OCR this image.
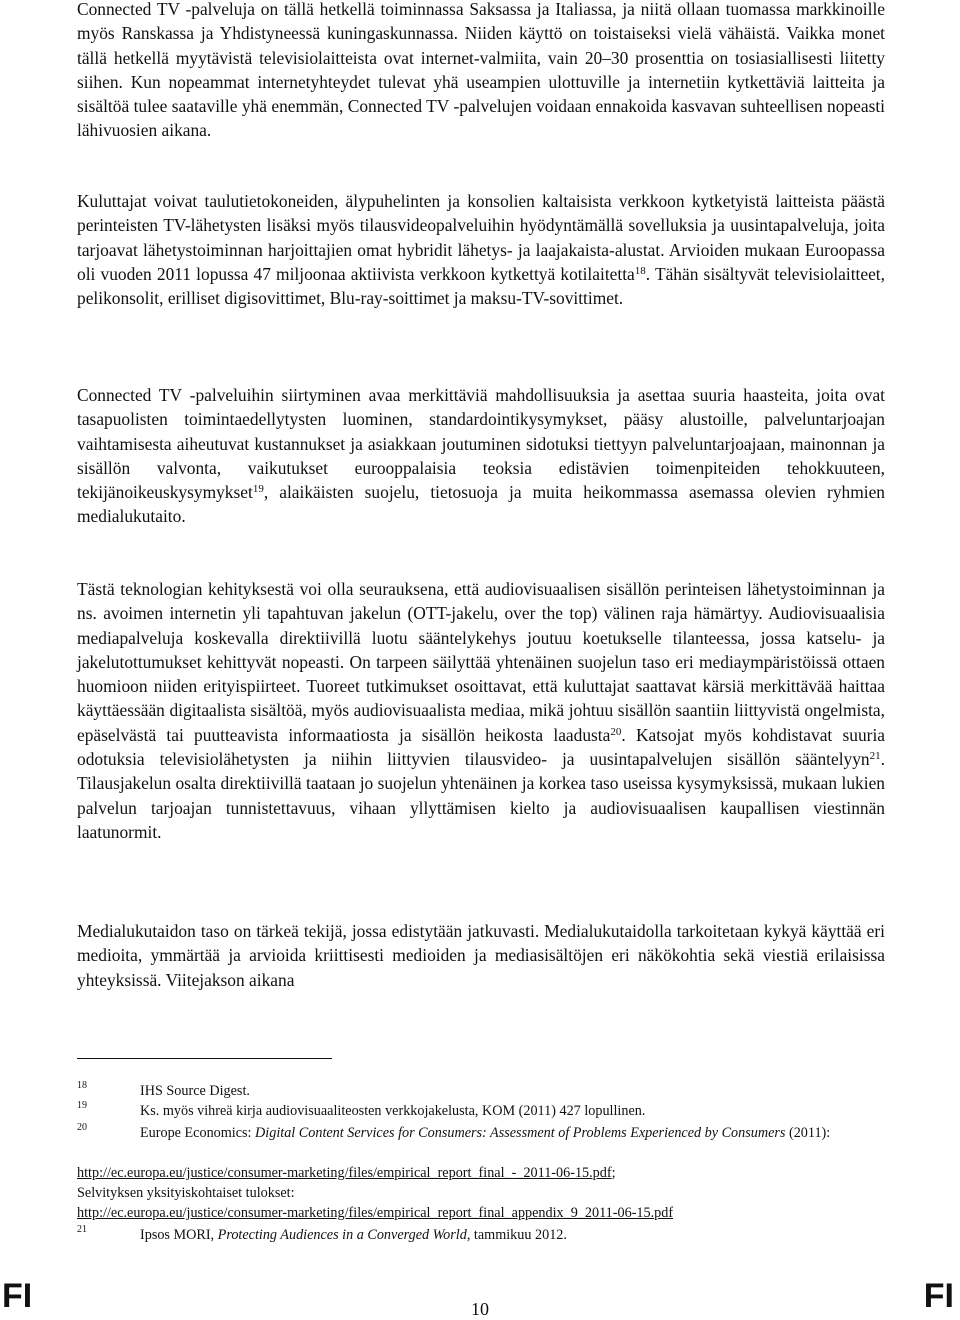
Connected TV -palveluja on tällä hetkellä toiminnassa Saksassa ja Italiassa, ja niitä ollaan tuomassa markkinoille myös Ranskassa ja Yhdistyneessä kuningaskunnassa. Niiden käyttö on toistaiseksi vielä vähäistä. Vaikka monet tällä hetkellä myytävistä televisiolaitteista ovat internet-valmiita, vain 20–30 prosenttia on tosiasiallisesti liitetty siihen. Kun nopeammat internetyhteydet tulevat yhä useampien ulottuville ja internetiin kytkettäviä laitteita ja sisältöä tulee saataville yhä enemmän, Connected TV -palvelujen voidaan ennakoida kasvavan suhteellisen nopeasti lähivuosien aikana.

Kuluttajat voivat taulutietokoneiden, älypuhelinten ja konsolien kaltaisista verkkoon kytketyistä laitteista päästä perinteisten TV-lähetysten lisäksi myös tilausvideopalveluihin hyödyntämällä sovelluksia ja uusintapalveluja, joita tarjoavat lähetystoiminnan harjoittajien omat hybridit lähetys- ja laajakaista-alustat. Arvioiden mukaan Euroopassa oli vuoden 2011 lopussa 47 miljoonaa aktiivista verkkoon kytkettyä kotilaitetta$^{18}$. Tähän sisältyvät televisiolaitteet, pelikonsolit, erilliset digisovittimet, Blu-ray-soittimet ja maksu-TV-sovittimet.

Connected TV -palveluihin siirtyminen avaa merkittäviä mahdollisuuksia ja asettaa suuria haasteita, joita ovat tasapuolisten toimintaedellytysten luominen, standardointikysymykset, pääsy alustoille, palveluntarjoajan vaihtamisesta aiheutuvat kustannukset ja asiakkaan joutuminen sidotuksi tiettyyn palveluntarjoajaan, mainonnan ja sisällön valvonta, vaikutukset eurooppalaisia teoksia edistävien toimenpiteiden tehokkuuteen, tekijänoikeuskysymykset$^{19}$, alaikäisten suojelu, tietosuoja ja muita heikommassa asemassa olevien ryhmien medialukutaito.

Tästä teknologian kehityksestä voi olla seurauksena, että audiovisuaalisen sisällön perinteisen lähetystoiminnan ja ns. avoimen internetin yli tapahtuvan jakelun (OTT-jakelu, over the top) välinen raja hämärtyy. Audiovisuaalisia mediapalveluja koskevalla direktiivillä luotu sääntelykehys joutuu koetukselle tilanteessa, jossa katselu- ja jakelutottumukset kehittyvät nopeasti. On tarpeen säilyttää yhtenäinen suojelun taso eri mediaympäristöissä ottaen huomioon niiden erityispiirteet. Tuoreet tutkimukset osoittavat, että kuluttajat saattavat kärsiä merkittävää haittaa käyttäessään digitaalista sisältöä, myös audiovisuaalista mediaa, mikä johtuu sisällön saantiin liittyvistä ongelmista, epäselvästä tai puutteavista informaatiosta ja sisällön heikosta laadusta$^{20}$. Katsojat myös kohdistavat suuria odotuksia televisiolähetysten ja niihin liittyvien tilausvideo- ja uusintapalvelujen sisällön sääntelyyn$^{21}$. Tilausjakelun osalta direktiivillä taataan jo suojelun yhtenäinen ja korkea taso useissa kysymyksissä, mukaan lukien palvelun tarjoajan tunnistettavuus, vihaan yllyttämisen kielto ja audiovisuaalisen kaupallisen viestinnän laatunormit.

Medialukutaidon taso on tärkeä tekijä, jossa edistytään jatkuvasti. Medialukutaidolla tarkoitetaan kykyä käyttää eri medioita, ymmärtää ja arvioida kriittisesti medioiden ja mediasisältöjen eri näkökohtia sekä viestiä erilaisissa yhteyksissä. Viitejakson aikana

18	IHS Source Digest.
19	Ks. myös vihreä kirja audiovisuaaliteosten verkkojakelusta, KOM (2011) 427 lopullinen.
20	Europe Economics: Digital Content Services for Consumers: Assessment of Problems Experienced by Consumers (2011):
http://ec.europa.eu/justice/consumer-marketing/files/empirical_report_final_-_2011-06-15.pdf;
Selvityksen yksityiskohtaiset tulokset:
http://ec.europa.eu/justice/consumer-marketing/files/empirical_report_final_appendix_9_2011-06-15.pdf
21	Ipsos MORI, Protecting Audiences in a Converged World, tammikuu 2012.
FI	10	FI
